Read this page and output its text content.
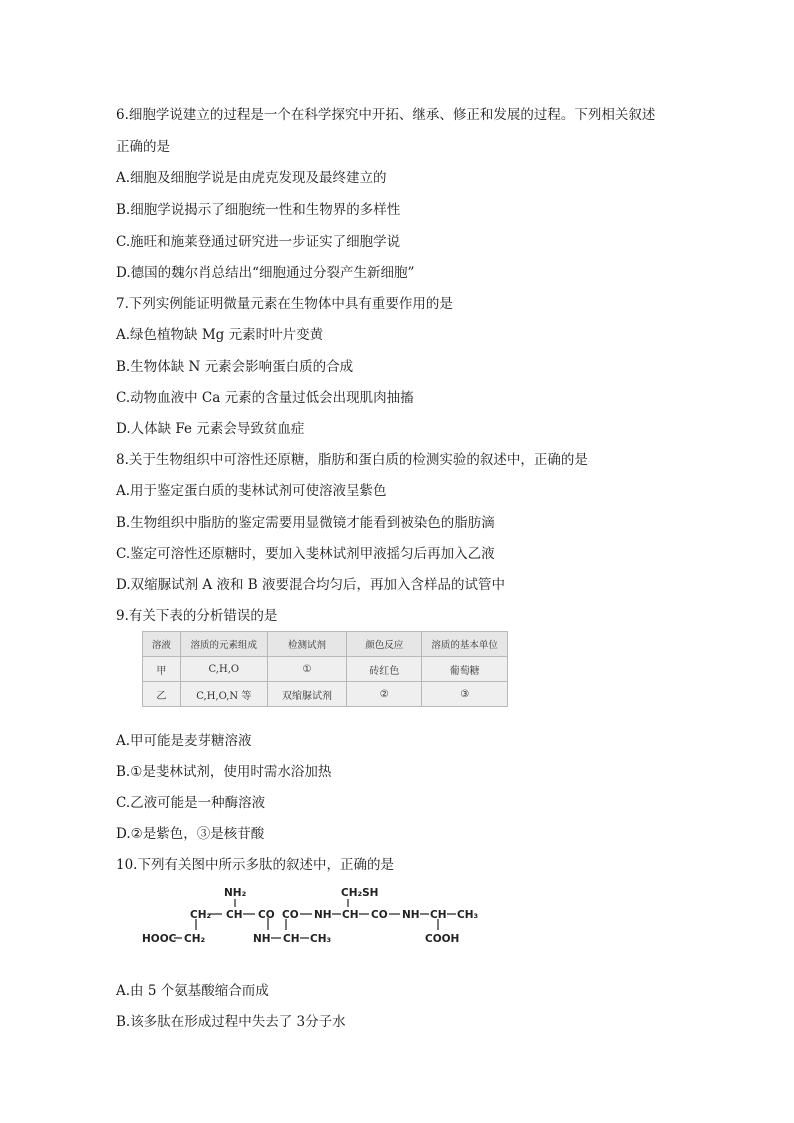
6.细胞学说建立的过程是一个在科学探究中开拓、继承、修正和发展的过程。下列相关叙述
正确的是
A.细胞及细胞学说是由虎克发现及最终建立的
B.细胞学说揭示了细胞统一性和生物界的多样性
C.施旺和施莱登通过研究进一步证实了细胞学说
D.德国的魏尔肖总结出“细胞通过分裂产生新细胞”
7.下列实例能证明微量元素在生物体中具有重要作用的是
A.绿色植物缺 Mg 元素时叶片变黄
B.生物体缺 N 元素会影响蛋白质的合成
C.动物血液中 Ca 元素的含量过低会出现肌肉抽搐
D.人体缺 Fe 元素会导致贫血症
8.关于生物组织中可溶性还原糖，脂肪和蛋白质的检测实验的叙述中，正确的是
A.用于鉴定蛋白质的斐林试剂可使溶液呈紫色
B.生物组织中脂肪的鉴定需要用显微镜才能看到被染色的脂肪滴
C.鉴定可溶性还原糖时，要加入斐林试剂甲液摇匀后再加入乙液
D.双缩脲试剂 A 液和 B 液要混合均匀后，再加入含样品的试管中
9.有关下表的分析错误的是
溶液	溶质的元素组成	检测试剂	颜色反应	溶质的基本单位
甲	C,H,O	①	砖红色	葡萄糖
乙	C,H,O,N 等	双缩脲试剂	②	③
A.甲可能是麦芽糖溶液
B.①是斐林试剂，使用时需水浴加热
C.乙液可能是一种酶溶液
D.②是紫色，③是核苷酸
10.下列有关图中所示多肽的叙述中，正确的是
NH₂	CH₂SH
CH₂ CH CO CO NH CH CO NH CH CH₃
HOOC CH₂	NH CH CH₃	COOH
A.由 5 个氨基酸缩合而成
B.该多肽在形成过程中失去了 3分子水
